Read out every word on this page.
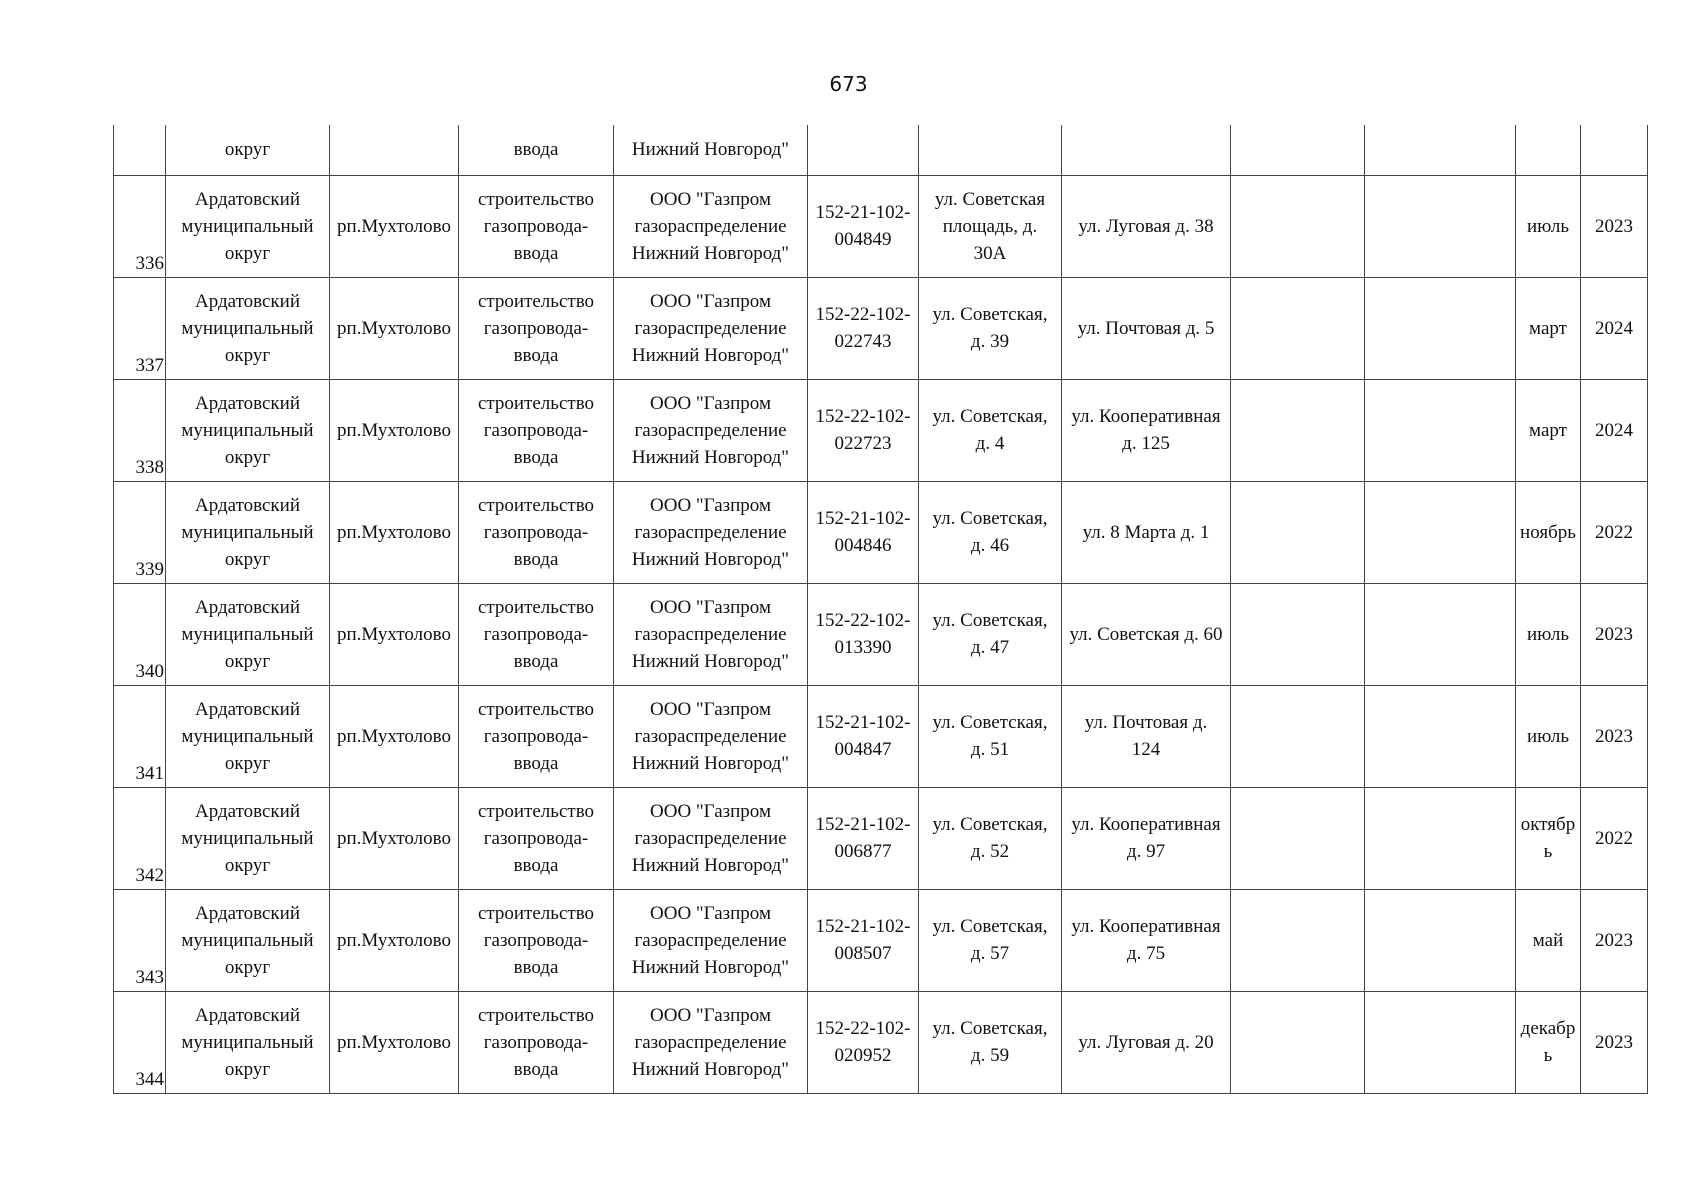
673
	округ		ввода	Нижний Новгород"							
336	Ардатовский
муниципальный
округ	рп.Мухтолово	строительство
газопровода-
ввода	ООО "Газпром
газораспределение
Нижний Новгород"	152-21-102-
004849	ул. Советская
площадь, д.
30А	ул. Луговая д. 38			июль	2023
337	Ардатовский
муниципальный
округ	рп.Мухтолово	строительство
газопровода-
ввода	ООО "Газпром
газораспределение
Нижний Новгород"	152-22-102-
022743	ул. Советская,
д. 39	ул. Почтовая д. 5			март	2024
338	Ардатовский
муниципальный
округ	рп.Мухтолово	строительство
газопровода-
ввода	ООО "Газпром
газораспределение
Нижний Новгород"	152-22-102-
022723	ул. Советская,
д. 4	ул. Кооперативная
д. 125			март	2024
339	Ардатовский
муниципальный
округ	рп.Мухтолово	строительство
газопровода-
ввода	ООО "Газпром
газораспределение
Нижний Новгород"	152-21-102-
004846	ул. Советская,
д. 46	ул. 8 Марта д. 1			ноябрь	2022
340	Ардатовский
муниципальный
округ	рп.Мухтолово	строительство
газопровода-
ввода	ООО "Газпром
газораспределение
Нижний Новгород"	152-22-102-
013390	ул. Советская,
д. 47	ул. Советская д. 60			июль	2023
341	Ардатовский
муниципальный
округ	рп.Мухтолово	строительство
газопровода-
ввода	ООО "Газпром
газораспределение
Нижний Новгород"	152-21-102-
004847	ул. Советская,
д. 51	ул. Почтовая д.
124			июль	2023
342	Ардатовский
муниципальный
округ	рп.Мухтолово	строительство
газопровода-
ввода	ООО "Газпром
газораспределение
Нижний Новгород"	152-21-102-
006877	ул. Советская,
д. 52	ул. Кооперативная
д. 97			октябр
ь	2022
343	Ардатовский
муниципальный
округ	рп.Мухтолово	строительство
газопровода-
ввода	ООО "Газпром
газораспределение
Нижний Новгород"	152-21-102-
008507	ул. Советская,
д. 57	ул. Кооперативная
д. 75			май	2023
344	Ардатовский
муниципальный
округ	рп.Мухтолово	строительство
газопровода-
ввода	ООО "Газпром
газораспределение
Нижний Новгород"	152-22-102-
020952	ул. Советская,
д. 59	ул. Луговая д. 20			декабр
ь	2023
